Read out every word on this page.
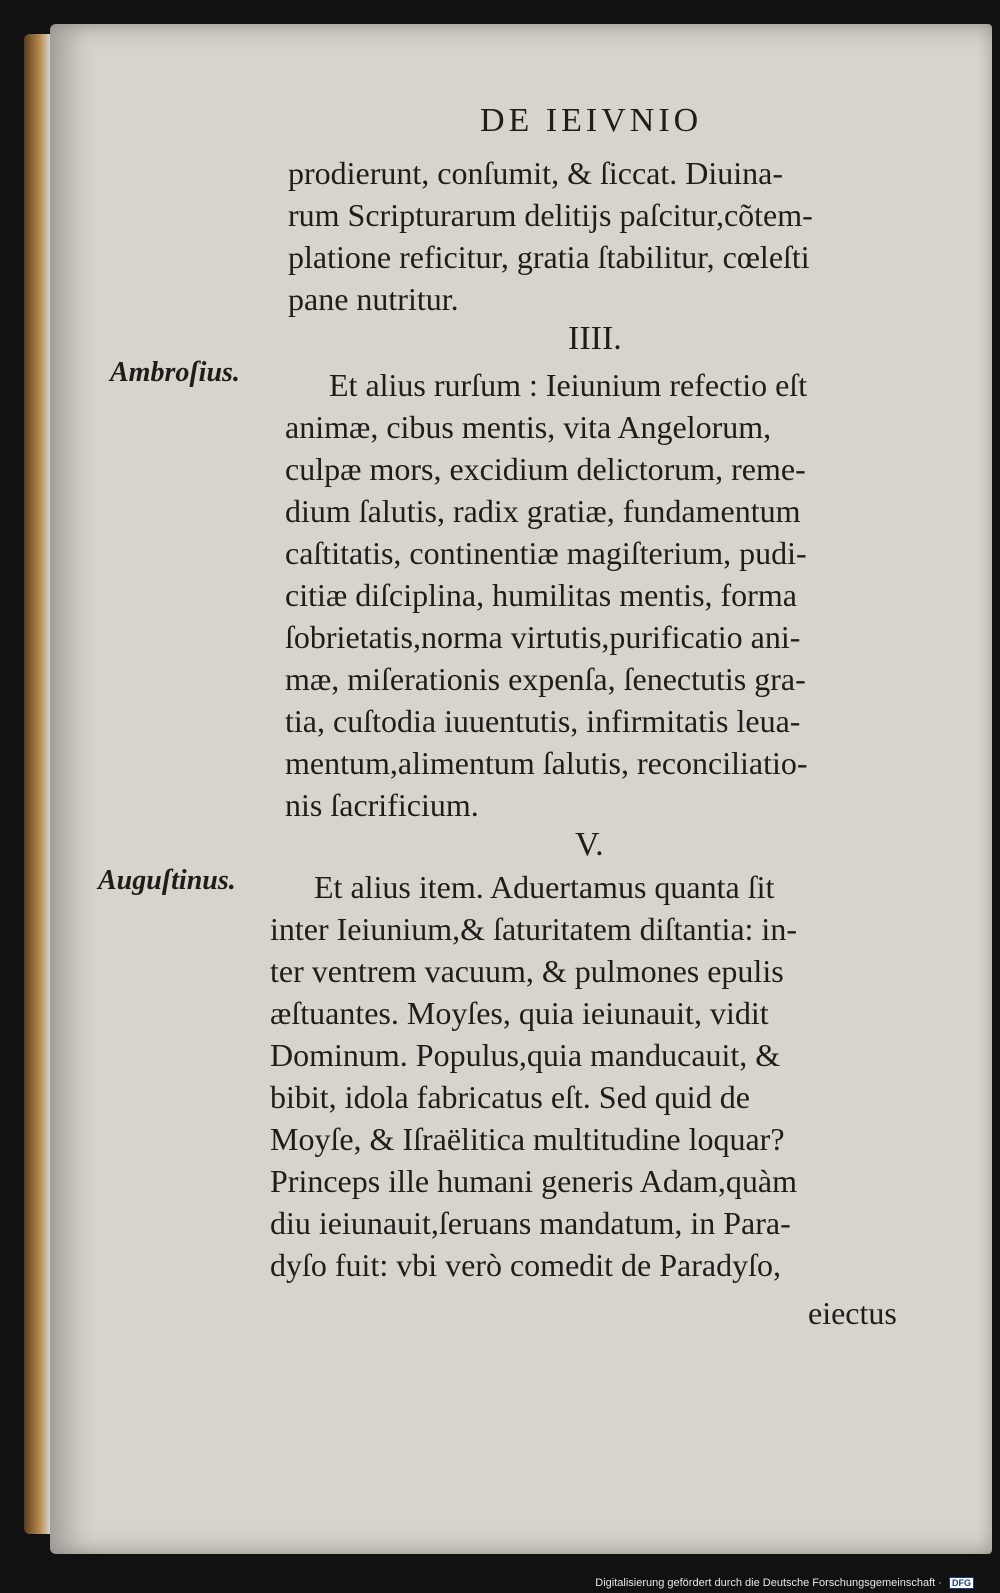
DE IEIVNIO
prodierunt, conſumit, & ſiccat. Diuina-
rum Scripturarum delitijs paſcitur,cõtem-
platione reficitur, gratia ſtabilitur, cœleſti
pane nutritur.
IIII.
Ambroſius.	Et alius rurſum : Ieiunium refectio eſt
animæ, cibus mentis, vita Angelorum,
culpæ mors, excidium delictorum, reme-
dium ſalutis, radix gratiæ, fundamentum
caſtitatis, continentiæ magiſterium, pudi-
citiæ diſciplina, humilitas mentis, forma
ſobrietatis,norma virtutis,purificatio ani-
mæ, miſerationis expenſa, ſenectutis gra-
tia, cuſtodia iuuentutis, infirmitatis leua-
mentum,alimentum ſalutis, reconciliatio-
nis ſacrificium.
V.
Auguſtinus.	Et alius item. Aduertamus quanta ſit
inter Ieiunium,& ſaturitatem diſtantia: in-
ter ventrem vacuum, & pulmones epulis
æſtuantes. Moyſes, quia ieiunauit, vidit
Dominum. Populus,quia manducauit, &
bibit, idola fabricatus eſt. Sed quid de
Moyſe, & Iſraëlitica multitudine loquar?
Princeps ille humani generis Adam,quàm
diu ieiunauit,ſeruans mandatum, in Para-
dyſo fuit: vbi verò comedit de Paradyſo,
eiectus
Digitalisierung gefördert durch die Deutsche Forschungsgemeinschaft · DFG
